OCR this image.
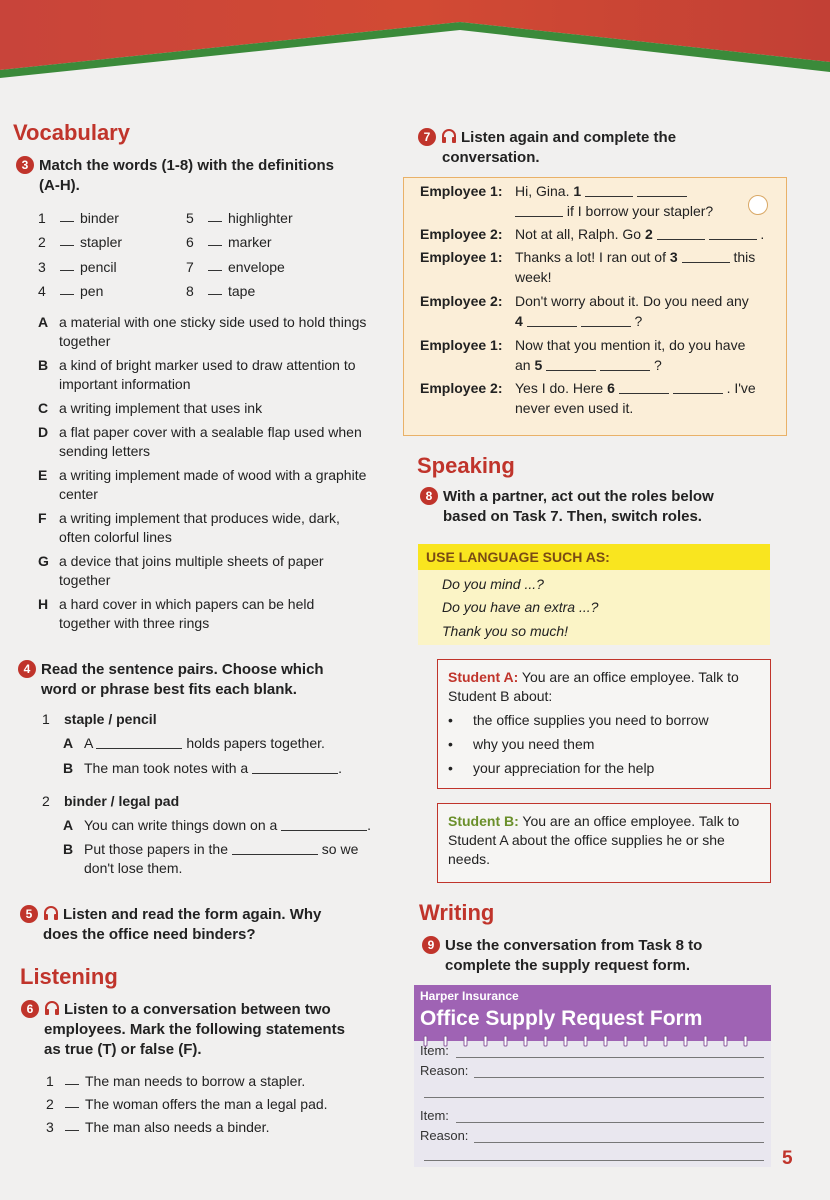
Vocabulary
3 Match the words (1-8) with the definitions
(A-H).
1 binder
2 stapler
3 pencil
4 pen
5 highlighter
6 marker
7 envelope
8 tape
A a material with one sticky side used to hold things together
B a kind of bright marker used to draw attention to important information
C a writing implement that uses ink
D a flat paper cover with a sealable flap used when sending letters
E a writing implement made of wood with a graphite center
F a writing implement that produces wide, dark, often colorful lines
G a device that joins multiple sheets of paper together
H a hard cover in which papers can be held together with three rings
4 Read the sentence pairs. Choose which
word or phrase best fits each blank.
1 staple / pencil
A A	holds papers together.
B The man took notes with a	.
2 binder / legal pad
A You can write things down on a	.
B Put those papers in the	so we
don't lose them.
5 Listen and read the form again. Why
does the office need binders?
Listening
6 Listen to a conversation between two
employees. Mark the following statements
as true (T) or false (F).
1 The man needs to borrow a stapler.
2 The woman offers the man a legal pad.
3 The man also needs a binder.
7 Listen again and complete the
conversation.
Employee 1: Hi, Gina. 1
if I borrow your stapler?
Employee 2: Not at all, Ralph. Go 2	.
Employee 1: Thanks a lot! I ran out of 3	this
week!
Employee 2: Don't worry about it. Do you need any
4	?
Employee 1: Now that you mention it, do you have
an 5	?
Employee 2: Yes I do. Here 6	. I've
never even used it.
Speaking
8 With a partner, act out the roles below
based on Task 7. Then, switch roles.
USE LANGUAGE SUCH AS:
Do you mind ...?
Do you have an extra ...?
Thank you so much!
Student A: You are an office employee. Talk to
Student B about:
• the office supplies you need to borrow
• why you need them
• your appreciation for the help
Student B: You are an office employee. Talk to
Student A about the office supplies he or she
needs.
Writing
9 Use the conversation from Task 8 to
complete the supply request form.
Harper Insurance
Office Supply Request Form
Item:
Reason:
Item:
Reason:
5
